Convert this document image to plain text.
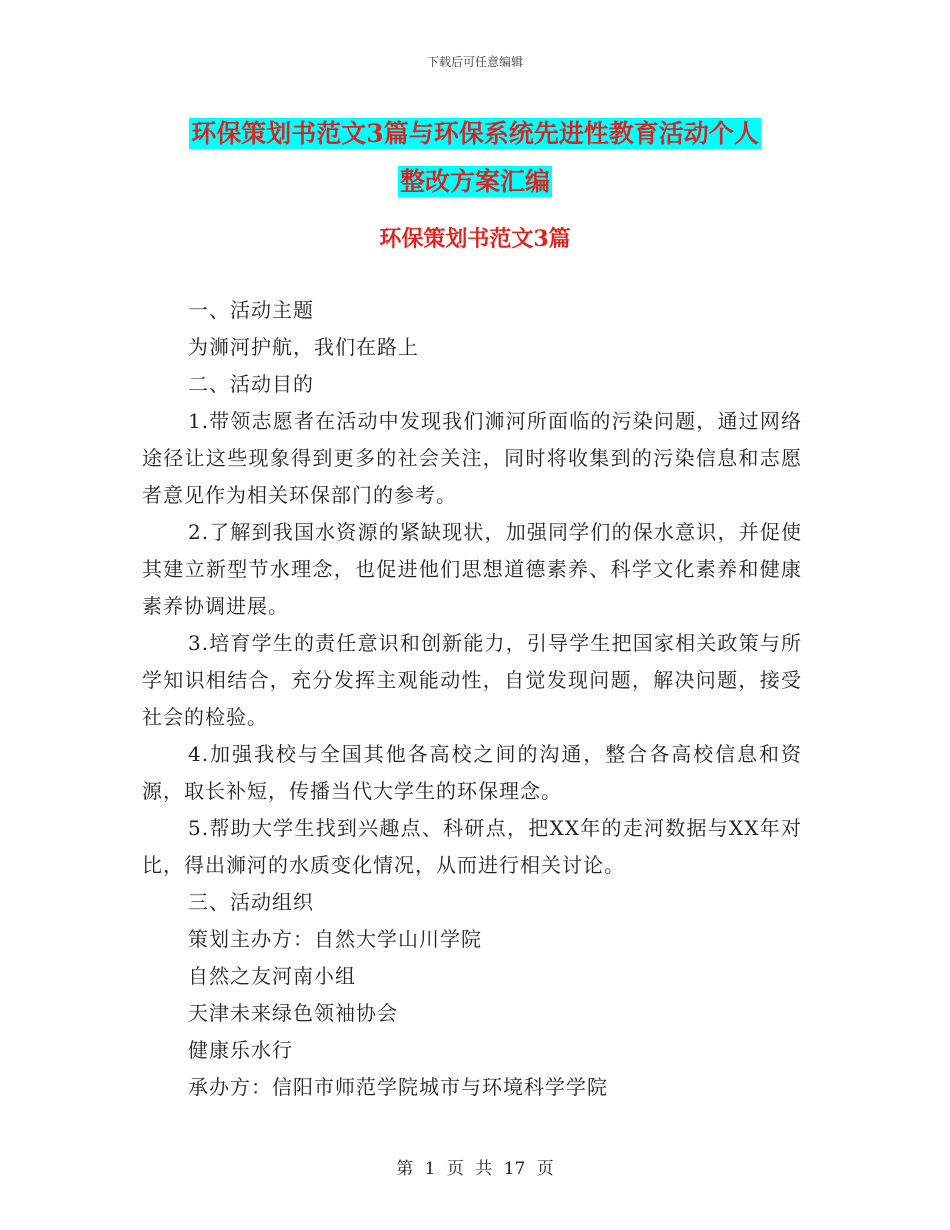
下载后可任意编辑
环保策划书范文3篇与环保系统先进性教育活动个人
整改方案汇编
环保策划书范文3篇

一、活动主题

为浉河护航，我们在路上

二、活动目的

1.带领志愿者在活动中发现我们浉河所面临的污染问题，通过网络途径让这些现象得到更多的社会关注，同时将收集到的污染信息和志愿者意见作为相关环保部门的参考。

2.了解到我国水资源的紧缺现状，加强同学们的保水意识，并促使其建立新型节水理念，也促进他们思想道德素养、科学文化素养和健康素养协调进展。

3.培育学生的责任意识和创新能力，引导学生把国家相关政策与所学知识相结合，充分发挥主观能动性，自觉发现问题，解决问题，接受社会的检验。

4.加强我校与全国其他各高校之间的沟通，整合各高校信息和资源，取长补短，传播当代大学生的环保理念。

5.帮助大学生找到兴趣点、科研点，把XX年的走河数据与XX年对比，得出浉河的水质变化情况，从而进行相关讨论。

三、活动组织

策划主办方：自然大学山川学院

自然之友河南小组

天津未来绿色领袖协会

健康乐水行

承办方：信阳市师范学院城市与环境科学学院

第 1 页 共 17 页
